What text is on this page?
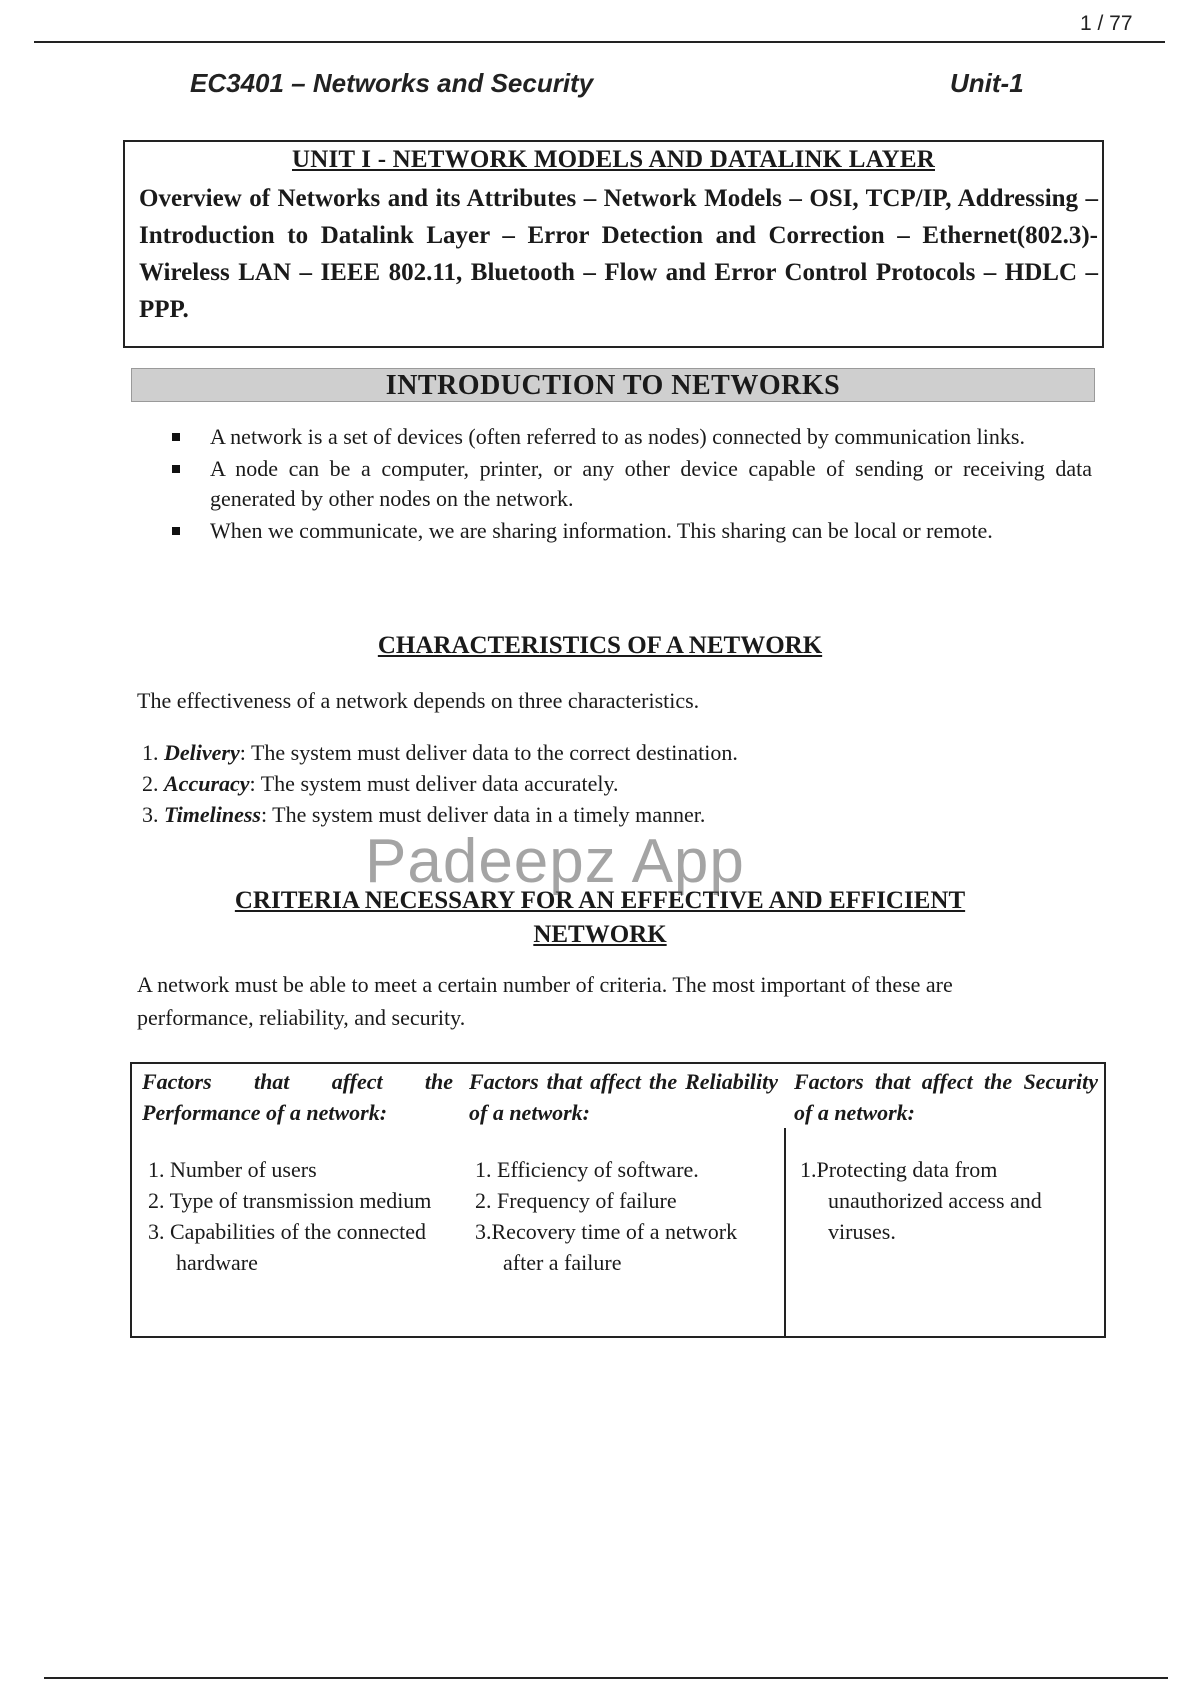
1 / 77
EC3401 – Networks and Security	Unit-1
UNIT I - NETWORK MODELS AND DATALINK LAYER
Overview of Networks and its Attributes – Network Models – OSI, TCP/IP, Addressing – Introduction to Datalink Layer – Error Detection and Correction – Ethernet(802.3)- Wireless LAN – IEEE 802.11, Bluetooth – Flow and Error Control Protocols – HDLC – PPP.
INTRODUCTION TO NETWORKS
A network is a set of devices (often referred to as nodes) connected by communication links.
A node can be a computer, printer, or any other device capable of sending or receiving data generated by other nodes on the network.
When we communicate, we are sharing information. This sharing can be local or remote.
CHARACTERISTICS OF A NETWORK
The effectiveness of a network depends on three characteristics.
1. Delivery: The system must deliver data to the correct destination.
2. Accuracy: The system must deliver data accurately.
3. Timeliness: The system must deliver data in a timely manner.
CRITERIA NECESSARY FOR AN EFFECTIVE AND EFFICIENT
NETWORK
Padeepz App
A network must be able to meet a certain number of criteria. The most important of these are performance, reliability, and security.
Factors that affect the Performance of a network:
1. Number of users
2. Type of transmission medium
3. Capabilities of the connected hardware
Factors that affect the Reliability of a network:
1. Efficiency of software.
2. Frequency of failure
3.Recovery time of a network after a failure
Factors that affect the Security of a network:
1.Protecting data from unauthorized access and viruses.
